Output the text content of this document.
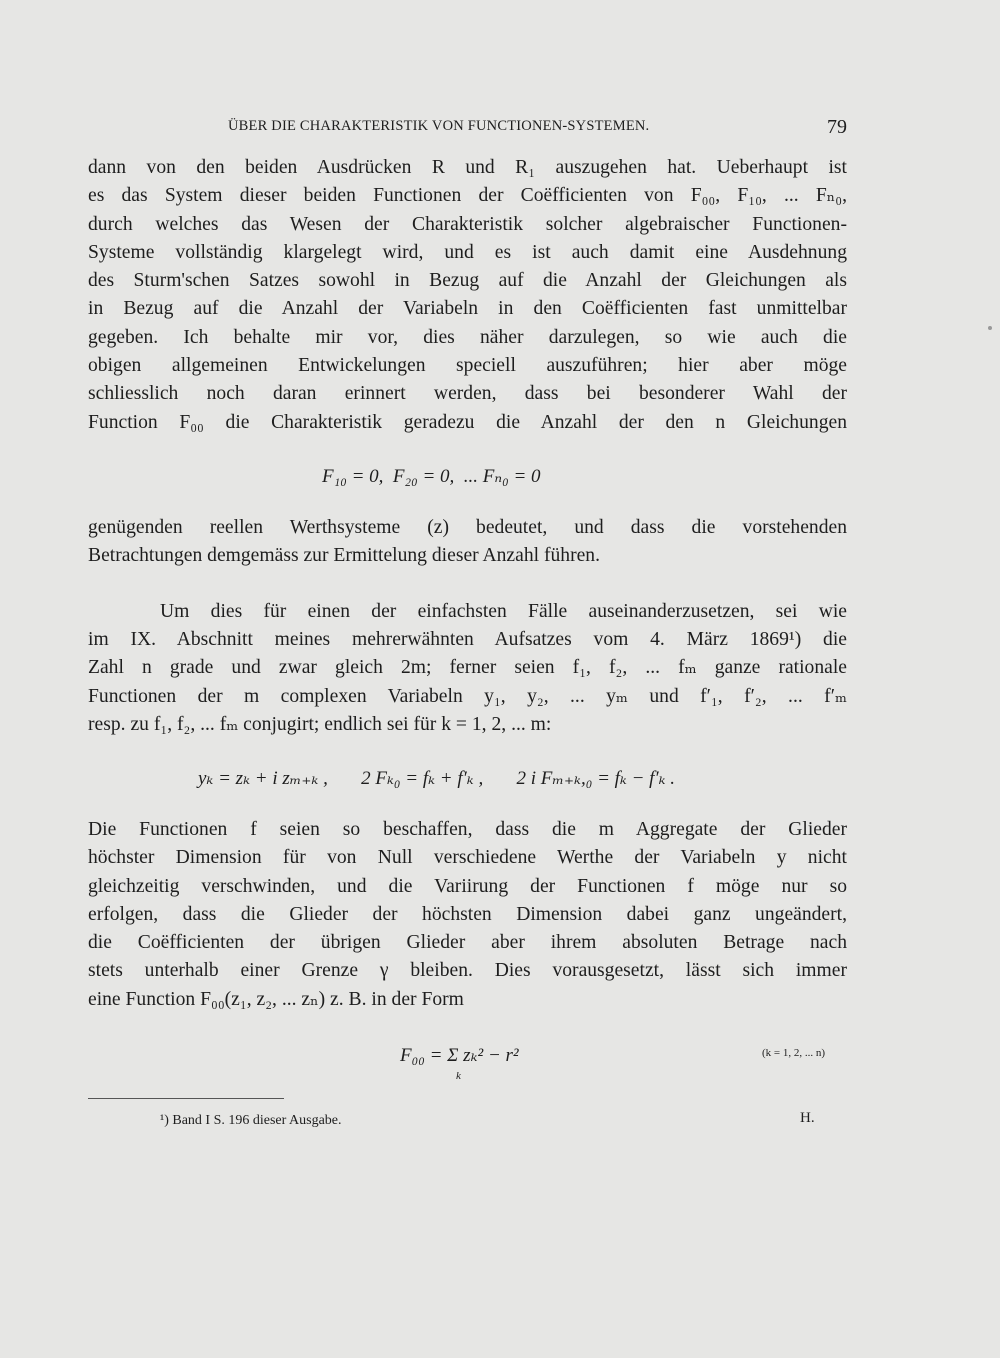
ÜBER DIE CHARAKTERISTIK VON FUNCTIONEN-SYSTEMEN.	79

dann von den beiden Ausdrücken R und R₁ auszugehen hat. Ueberhaupt ist
es das System dieser beiden Functionen der Coëfficienten von F₀₀, F₁₀, ... Fₙ₀,
durch welches das Wesen der Charakteristik solcher algebraischer Functionen-
Systeme vollständig klargelegt wird, und es ist auch damit eine Ausdehnung
des Sturm'schen Satzes sowohl in Bezug auf die Anzahl der Gleichungen als
in Bezug auf die Anzahl der Variabeln in den Coëfficienten fast unmittelbar
gegeben. Ich behalte mir vor, dies näher darzulegen, so wie auch die
obigen allgemeinen Entwickelungen speciell auszuführen; hier aber möge
schliesslich noch daran erinnert werden, dass bei besonderer Wahl der
Function F₀₀ die Charakteristik geradezu die Anzahl der den n Gleichungen

F₁₀ = 0,  F₂₀ = 0,  ... Fₙ₀ = 0

genügenden reellen Werthsysteme (z) bedeutet, und dass die vorstehenden
Betrachtungen demgemäss zur Ermittelung dieser Anzahl führen.

Um dies für einen der einfachsten Fälle auseinanderzusetzen, sei wie

im IX. Abschnitt meines mehrerwähnten Aufsatzes vom 4. März 1869¹) die
Zahl n grade und zwar gleich 2m; ferner seien f₁, f₂, ... fₘ ganze rationale
Functionen der m complexen Variabeln y₁, y₂, ... yₘ und f′₁, f′₂, ... f′ₘ
resp. zu f₁, f₂, ... fₘ conjugirt; endlich sei für k = 1, 2, ... m:

yₖ = zₖ + i zₘ₊ₖ ,       2 Fₖ₀ = fₖ + f′ₖ ,       2 i Fₘ₊ₖ,₀ = fₖ − f′ₖ .

Die Functionen f seien so beschaffen, dass die m Aggregate der Glieder
höchster Dimension für von Null verschiedene Werthe der Variabeln y nicht
gleichzeitig verschwinden, und die Variirung der Functionen f möge nur so
erfolgen, dass die Glieder der höchsten Dimension dabei ganz ungeändert,
die Coëfficienten der übrigen Glieder aber ihrem absoluten Betrage nach
stets unterhalb einer Grenze γ bleiben. Dies vorausgesetzt, lässt sich immer
eine Function F₀₀(z₁, z₂, ... zₙ) z. B. in der Form

F₀₀ = Σ zₖ² − r²
k
(k = 1, 2, ... n)
¹) Band I S. 196 dieser Ausgabe.	H.
